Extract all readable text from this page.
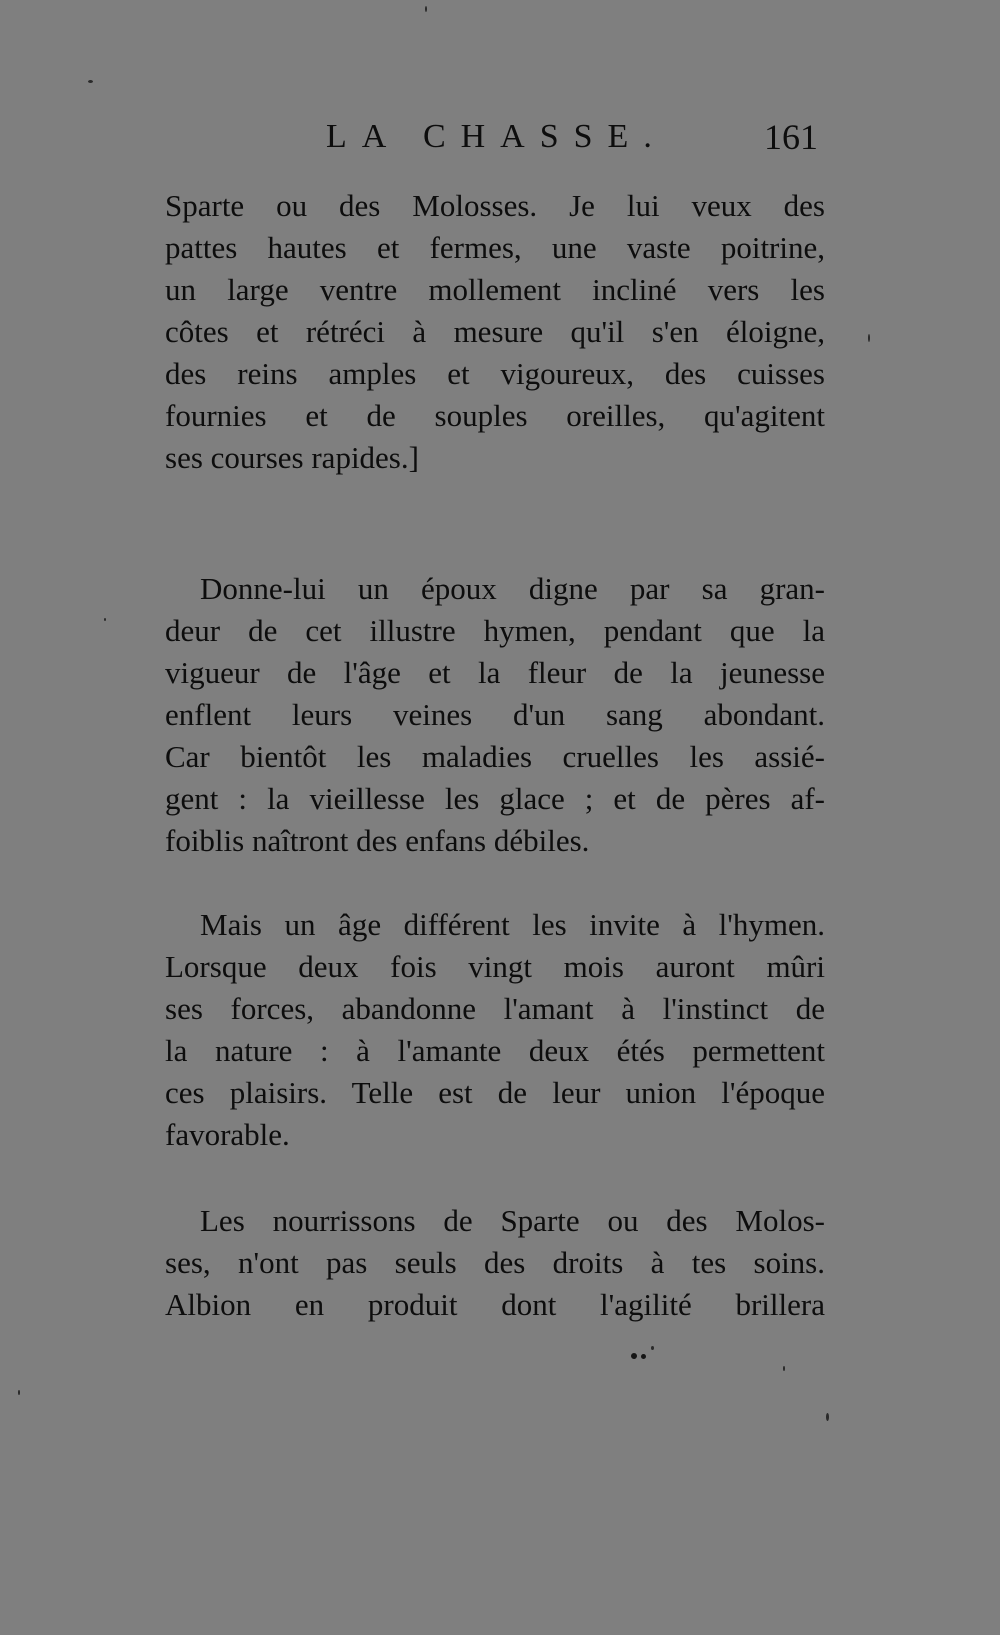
LA CHASSE.	161
Sparte ou des Molosses. Je lui veux des
pattes hautes et fermes, une vaste poitrine,
un large ventre mollement incliné vers les
côtes et rétréci à mesure qu'il s'en éloigne,
des reins amples et vigoureux, des cuisses
fournies et de souples oreilles, qu'agitent
ses courses rapides.]
Donne-lui un époux digne par sa gran-
deur de cet illustre hymen, pendant que la
vigueur de l'âge et la fleur de la jeunesse
enflent leurs veines d'un sang abondant.
Car bientôt les maladies cruelles les assié-
gent : la vieillesse les glace ; et de pères af-
foiblis naîtront des enfans débiles.
Mais un âge différent les invite à l'hymen.
Lorsque deux fois vingt mois auront mûri
ses forces, abandonne l'amant à l'instinct de
la nature : à l'amante deux étés permettent
ces plaisirs. Telle est de leur union l'époque
favorable.
Les nourrissons de Sparte ou des Molos-
ses, n'ont pas seuls des droits à tes soins.
Albion en produit dont l'agilité brillera
